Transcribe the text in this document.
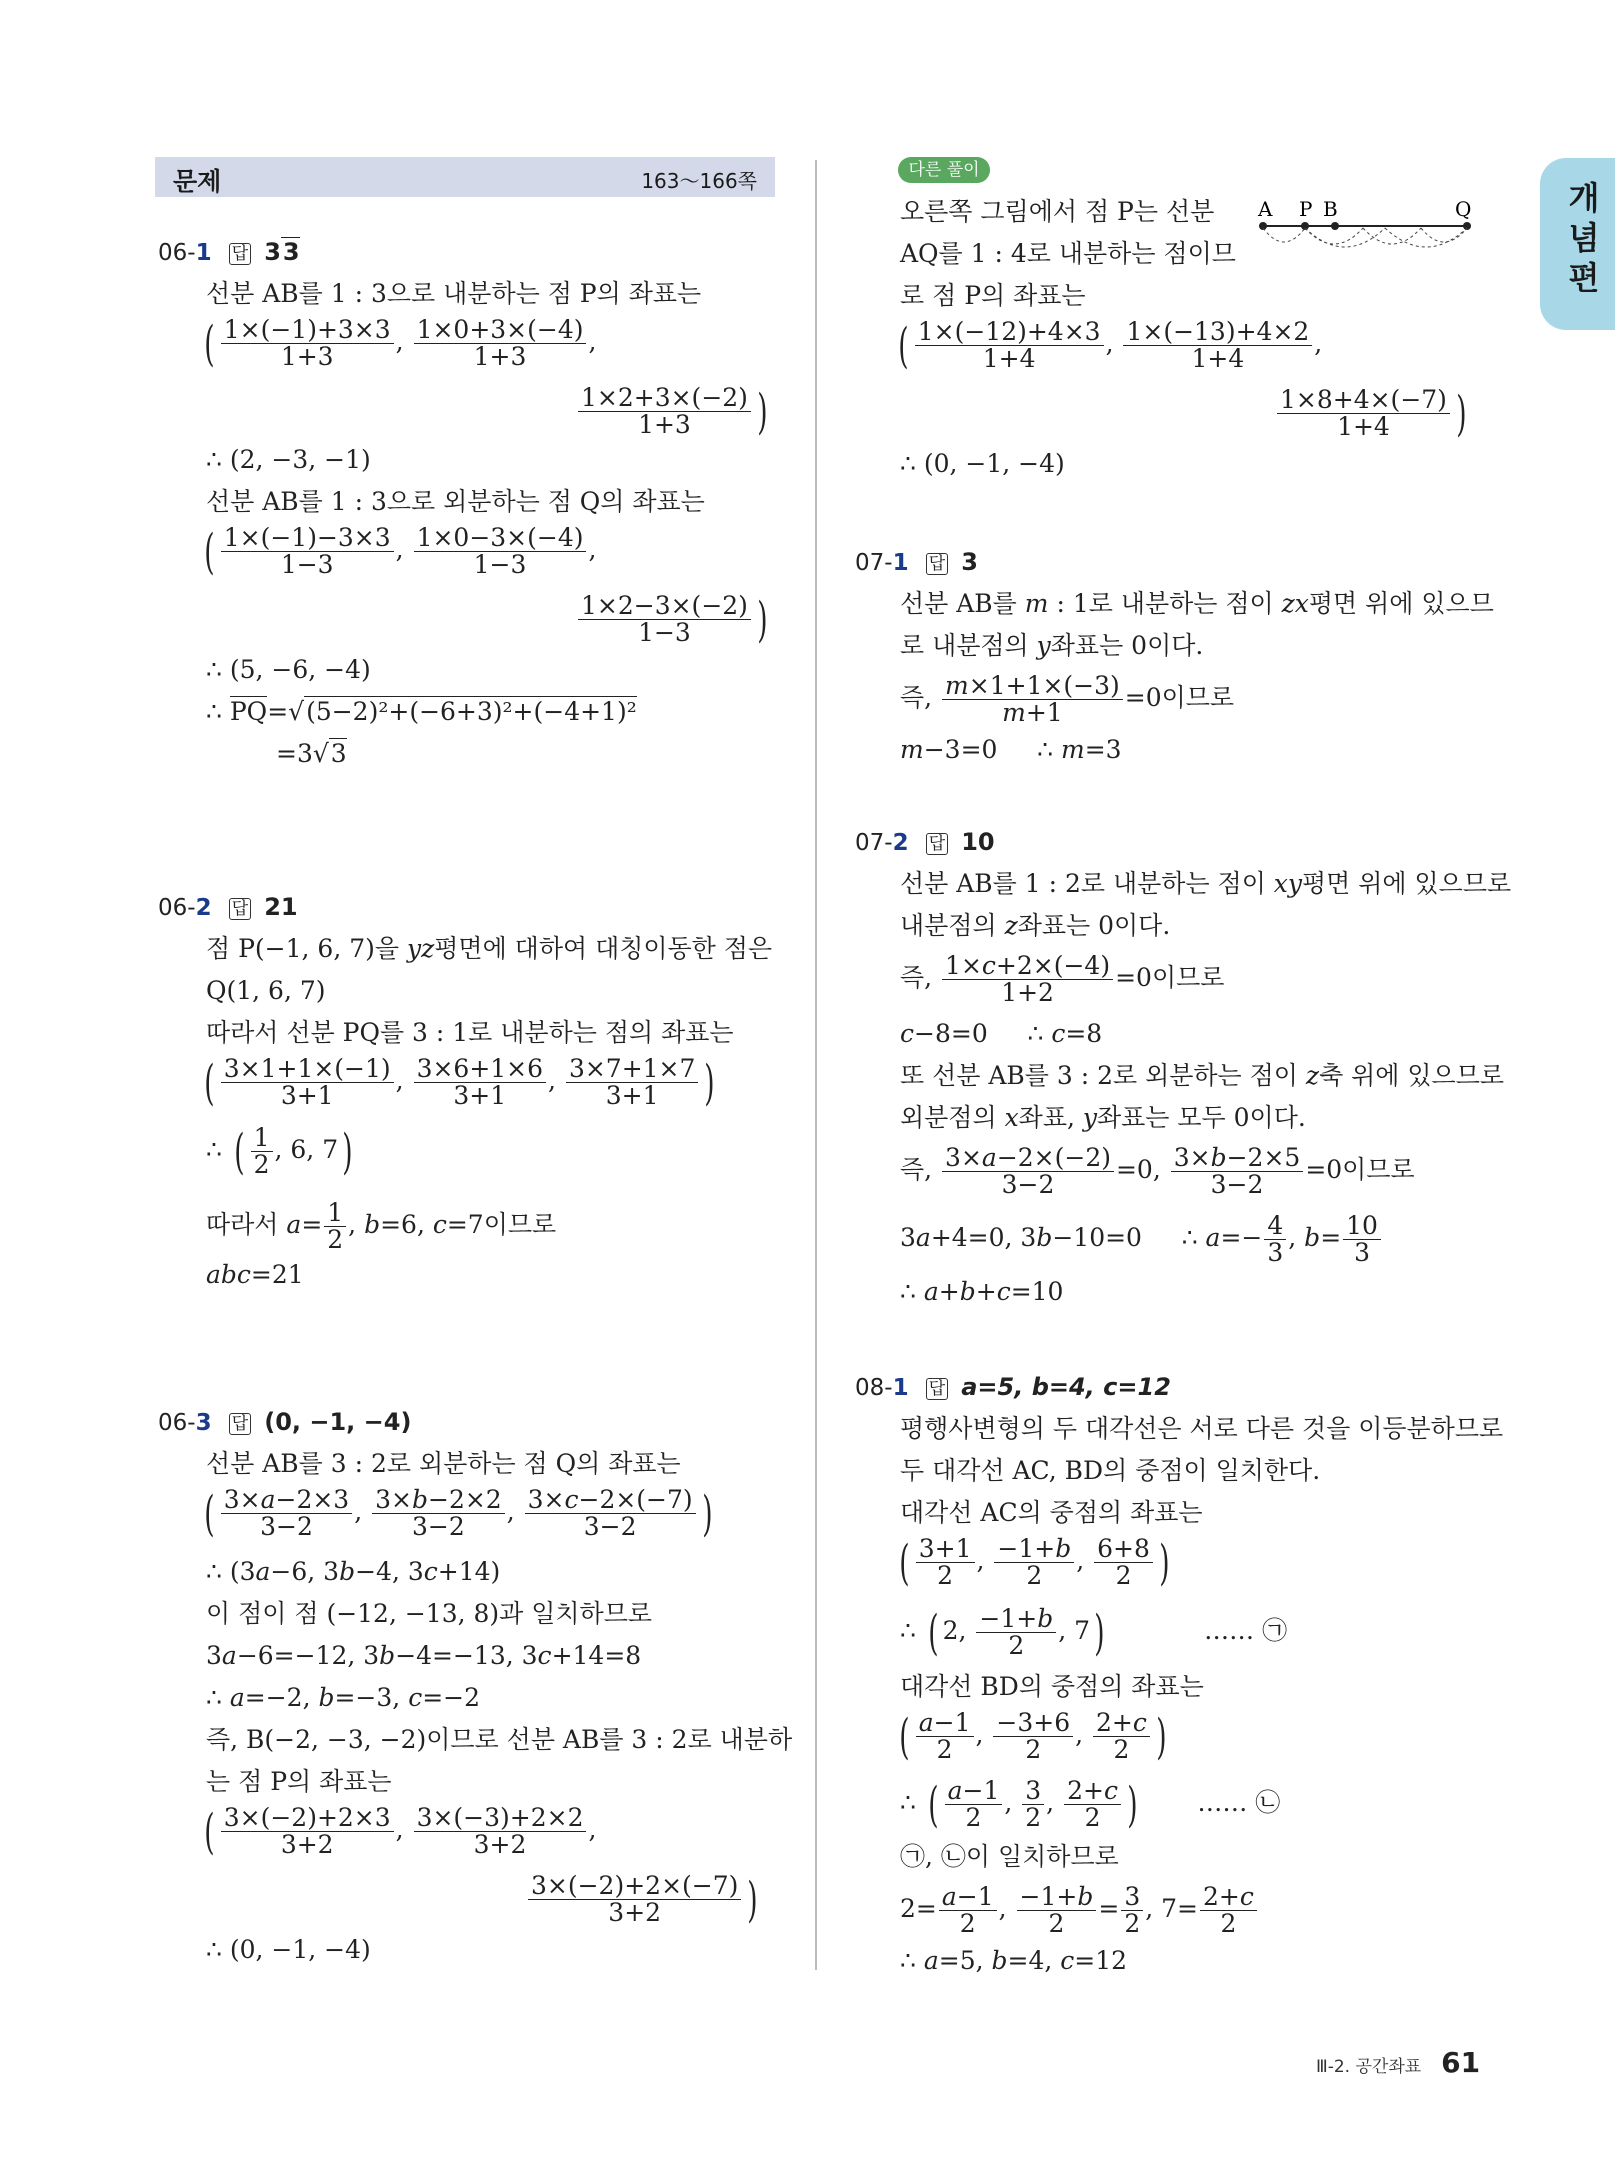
문제	163～166쪽	개
념
편
06-1 답 33
선분 AB를 1 : 3으로 내분하는 점 P의 좌표는
( $\frac{1\times(-1)+3\times 3}{1+3}$ , $\frac{1\times 0+3\times(-4)}{1+3}$ ,
$\frac{1\times 2+3\times(-2)}{1+3}$ )
∴ (2, −3, −1)
선분 AB를 1 : 3으로 외분하는 점 Q의 좌표는
( $\frac{1\times(-1)-3\times 3}{1-3}$ , $\frac{1\times 0-3\times(-4)}{1-3}$ ,
$\frac{1\times 2-3\times(-2)}{1-3}$ )
∴ (5, −6, −4)
∴ PQ=√(5−2)²+(−6+3)²+(−4+1)²
=3√3
06-2 답 21
점 P(−1, 6, 7)을 yz평면에 대하여 대칭이동한 점은
Q(1, 6, 7)
따라서 선분 PQ를 3 : 1로 내분하는 점의 좌표는
( $\frac{3\times 1+1\times(-1)}{3+1}$ , $\frac{3\times 6+1\times 6}{3+1}$ , $\frac{3\times 7+1\times 7}{3+1}$ )
∴ ( $\frac{1}{2}$ , 6, 7)
따라서 $a= \frac{1}{2}$ , b=6, c=7이므로
abc=21
06-3 답 (0, −1, −4)
선분 AB를 3 : 2로 외분하는 점 Q의 좌표는
( $\frac{3\times a-2\times 3}{3-2}$ , $\frac{3\times b-2\times 2}{3-2}$ , $\frac{3\times c-2\times(-7)}{3-2}$ )
∴ (3a−6, 3b−4, 3c+14)
이 점이 점 (−12, −13, 8)과 일치하므로
3a−6=−12, 3b−4=−13, 3c+14=8
∴ a=−2, b=−3, c=−2
즉, B(−2, −3, −2)이므로 선분 AB를 3 : 2로 내분하
는 점 P의 좌표는
( $\frac{3\times(-2)+2\times 3}{3+2}$ , $\frac{3\times(-3)+2\times 2}{3+2}$ ,
$\frac{3\times(-2)+2\times(-7)}{3+2}$ )
∴ (0, −1, −4)
다른 풀이
오른쪽 그림에서 점 P는 선분
AQ를 1 : 4로 내분하는 점이므
로 점 P의 좌표는
( $\frac{1\times(-12)+4\times 3}{1+4}$ , $\frac{1\times(-13)+4\times 2}{1+4}$ ,
$\frac{1\times 8+4\times(-7)}{1+4}$ )
∴ (0, −1, −4)
A P B	Q
07-1 답 3
선분 AB를 m : 1로 내분하는 점이 zx평면 위에 있으므
로 내분점의 y좌표는 0이다.
즉, $\frac{m\times 1+1\times(-3)}{m+1} =0$이므로
m−3=0     ∴ m=3
07-2 답 10
선분 AB를 1 : 2로 내분하는 점이 xy평면 위에 있으므로
내분점의 z좌표는 0이다.
즉, $\frac{1\times c+2\times(-4)}{1+2} =0$이므로
c−8=0     ∴ c=8
또 선분 AB를 3 : 2로 외분하는 점이 z축 위에 있으므로
외분점의 x좌표, y좌표는 모두 0이다.
즉, $\frac{3\times a-2\times(-2)}{3-2} =0$, $\frac{3\times b-2\times 5}{3-2} =0$이므로
3a+4=0, 3b−10=0     ∴ $a=- \frac{4}{3}$ , $b= \frac{10}{3}$
∴ a+b+c=10
08-1 답 a=5, b=4, c=12
평행사변형의 두 대각선은 서로 다른 것을 이등분하므로
두 대각선 AC, BD의 중점이 일치한다.
대각선 AC의 중점의 좌표는
( $\frac{3+1}{2}$ , $\frac{-1+b}{2}$ , $\frac{6+8}{2}$ )
∴ ( 2, $\frac{-1+b}{2}$ , 7)            …… ㉠
대각선 BD의 중점의 좌표는
( $\frac{a-1}{2}$ , $\frac{-3+6}{2}$ , $\frac{2+c}{2}$ )
∴ ( $\frac{a-1}{2}$ , $\frac{3}{2}$ , $\frac{2+c}{2}$ )       …… ㉡
㉠, ㉡이 일치하므로
$2= \frac{a-1}{2}$ , $\frac{-1+b}{2} = \frac{3}{2}$ , $7= \frac{2+c}{2}$
∴ a=5, b=4, c=12
Ⅲ-2. 공간좌표 61
